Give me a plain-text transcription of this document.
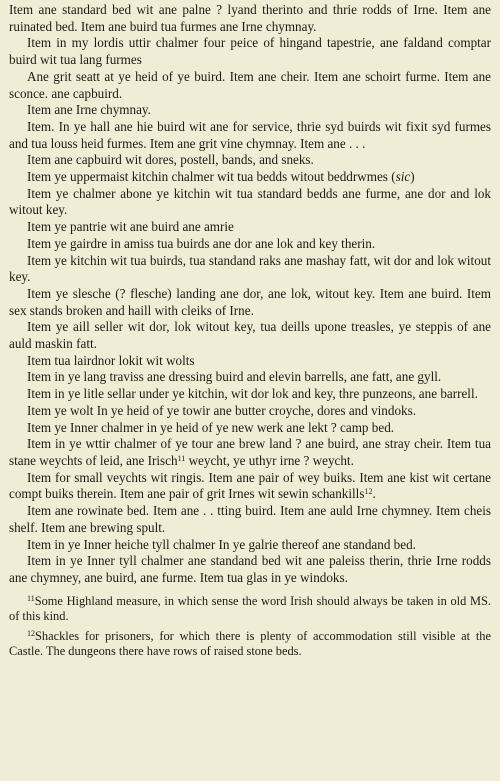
Item ane standard bed wit ane palne ? lyand therinto and thrie rodds of Irne. Item ane ruinated bed. Item ane buird tua furmes ane Irne chymnay.

Item in my lordis uttir chalmer four peice of hingand tapestrie, ane faldand comptar buird wit tua lang furmes

Ane grit seatt at ye heid of ye buird. Item ane cheir. Item ane schoirt furme. Item ane sconce. ane capbuird.

Item ane Irne chymnay.

Item. In ye hall ane hie buird wit ane for service, thrie syd buirds wit fixit syd furmes and tua louss heid furmes. Item ane grit vine chymnay. Item ane . . .

Item ane capbuird wit dores, postell, bands, and sneks.

Item ye uppermaist kitchin chalmer wit tua bedds witout beddrwmes (sic)

Item ye chalmer abone ye kitchin wit tua standard bedds ane furme, ane dor and lok witout key.

Item ye pantrie wit ane buird ane amrie

Item ye gairdre in amiss tua buirds ane dor ane lok and key therin.

Item ye kitchin wit tua buirds, tua standand raks ane mashay fatt, wit dor and lok witout key.

Item ye slesche (? flesche) landing ane dor, ane lok, witout key. Item ane buird. Item sex stands broken and haill with cleiks of Irne.

Item ye aill seller wit dor, lok witout key, tua deills upone treasles, ye steppis of ane auld maskin fatt.

Item tua lairdnor lokit wit wolts

Item in ye lang traviss ane dressing buird and elevin barrells, ane fatt, ane gyll.

Item in ye litle sellar under ye kitchin, wit dor lok and key, thre punzeons, ane barrell.

Item ye wolt In ye heid of ye towir ane butter croyche, dores and vindoks.

Item ye Inner chalmer in ye heid of ye new werk ane lekt ? camp bed.

Item in ye wttir chalmer of ye tour ane brew land ? ane buird, ane stray cheir. Item tua stane weychts of leid, ane Irisch$^{11}$ weycht, ye uthyr irne ? weycht.

Item for small veychts wit ringis. Item ane pair of wey buiks. Item ane kist wit certane compt buiks therein. Item ane pair of grit Irnes wit sewin schankills$^{12}$.

Item ane rowinate bed. Item ane . . tting buird. Item ane auld Irne chymney. Item cheis shelf. Item ane brewing spult.

Item in ye Inner heiche tyll chalmer In ye galrie thereof ane standand bed.

Item in ye Inner tyll chalmer ane standand bed wit ane paleiss therin, thrie Irne rodds ane chymney, ane buird, ane furme. Item tua glas in ye windoks.

$^{11}$Some Highland measure, in which sense the word Irish should always be taken in old MS. of this kind.

$^{12}$Shackles for prisoners, for which there is plenty of accommodation still visible at the Castle. The dungeons there have rows of raised stone beds.
